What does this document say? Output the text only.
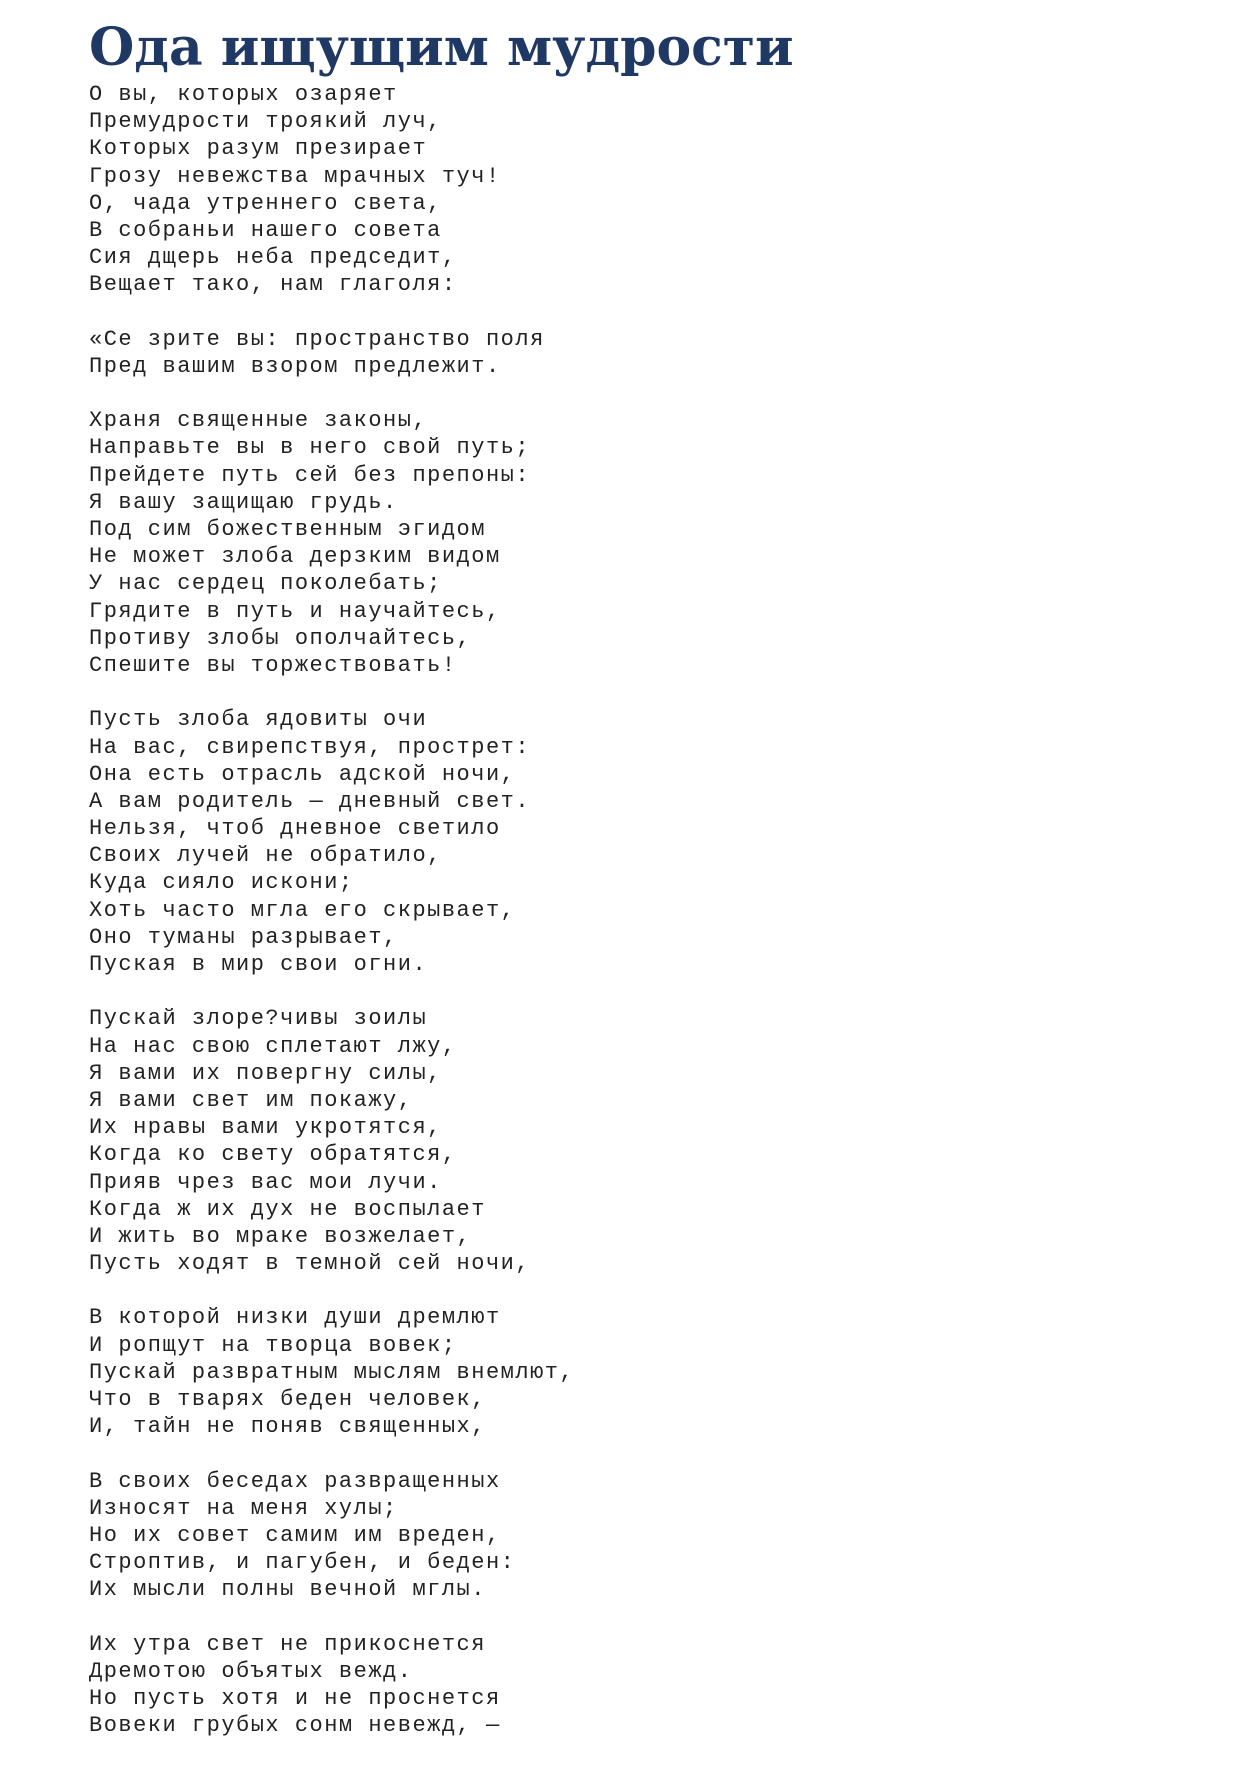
Ода ищущим мудрости
О вы, которых озаряет
Премудрости троякий луч,
Которых разум презирает
Грозу невежства мрачных туч!
О, чада утреннего света,
В собраньи нашего совета
Сия дщерь неба председит,
Вещает тако, нам глаголя:
«Се зрите вы: пространство поля
Пред вашим взором предлежит.
Храня священные законы,
Направьте вы в него свой путь;
Прейдете путь сей без препоны:
Я вашу защищаю грудь.
Под сим божественным эгидом
Не может злоба дерзким видом
У нас сердец поколебать;
Грядите в путь и научайтесь,
Противу злобы ополчайтесь,
Спешите вы торжествовать!
Пусть злоба ядовиты очи
На вас, свирепствуя, прострет:
Она есть отрасль адской ночи,
А вам родитель — дневный свет.
Нельзя, чтоб дневное светило
Своих лучей не обратило,
Куда сияло искони;
Хоть часто мгла его скрывает,
Оно туманы разрывает,
Пуская в мир свои огни.
Пускай злоре?чивы зоилы
На нас свою сплетают лжу,
Я вами их повергну силы,
Я вами свет им покажу,
Их нравы вами укротятся,
Когда ко свету обратятся,
Прияв чрез вас мои лучи.
Когда ж их дух не воспылает
И жить во мраке возжелает,
Пусть ходят в темной сей ночи,
В которой низки души дремлют
И ропщут на творца вовек;
Пускай развратным мыслям внемлют,
Что в тварях беден человек,
И, тайн не поняв священных,
В своих беседах развращенных
Износят на меня хулы;
Но их совет самим им вреден,
Строптив, и пагубен, и беден:
Их мысли полны вечной мглы.
Их утра свет не прикоснется
Дремотою объятых вежд.
Но пусть хотя и не проснется
Вовеки грубых сонм невежд, —
